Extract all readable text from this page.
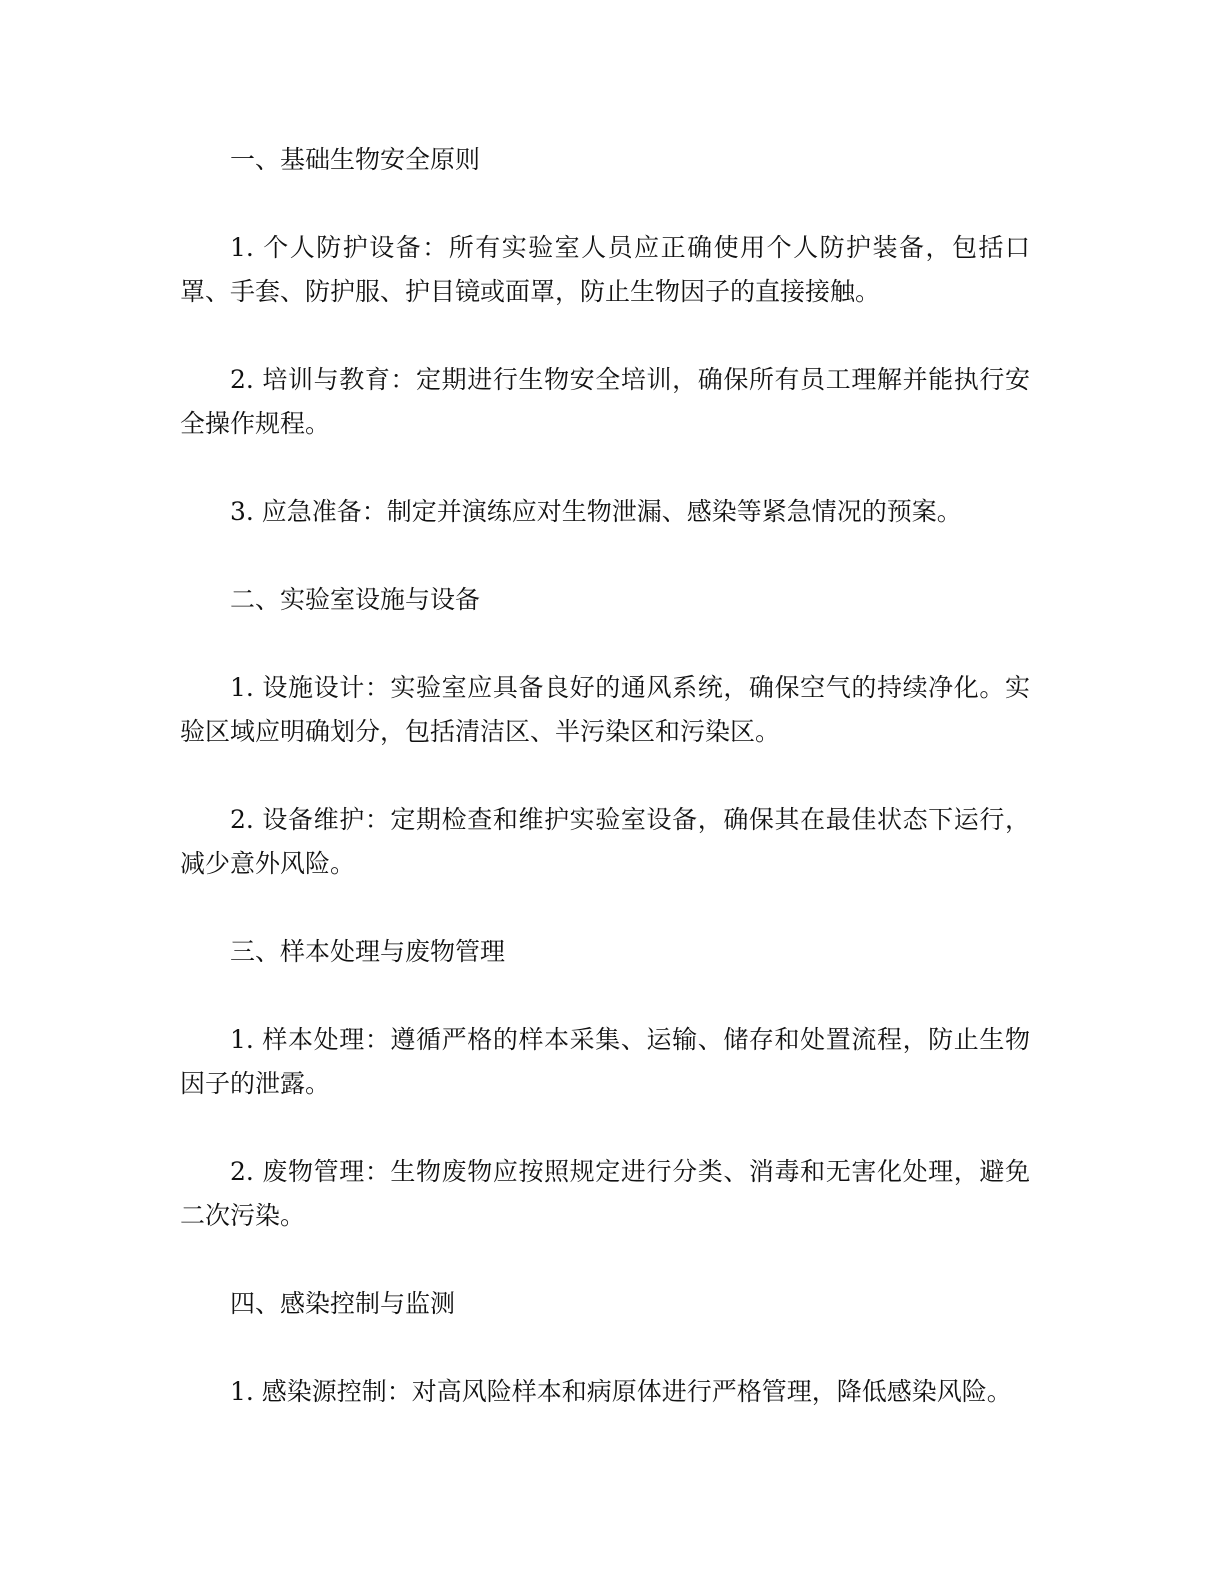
一、基础生物安全原则

1. 个人防护设备：所有实验室人员应正确使用个人防护装备，包括口罩、手套、防护服、护目镜或面罩，防止生物因子的直接接触。

2. 培训与教育：定期进行生物安全培训，确保所有员工理解并能执行安全操作规程。

3. 应急准备：制定并演练应对生物泄漏、感染等紧急情况的预案。

二、实验室设施与设备

1. 设施设计：实验室应具备良好的通风系统，确保空气的持续净化。实验区域应明确划分，包括清洁区、半污染区和污染区。

2. 设备维护：定期检查和维护实验室设备，确保其在最佳状态下运行，减少意外风险。

三、样本处理与废物管理

1. 样本处理：遵循严格的样本采集、运输、储存和处置流程，防止生物因子的泄露。

2. 废物管理：生物废物应按照规定进行分类、消毒和无害化处理，避免二次污染。

四、感染控制与监测

1. 感染源控制：对高风险样本和病原体进行严格管理，降低感染风险。
